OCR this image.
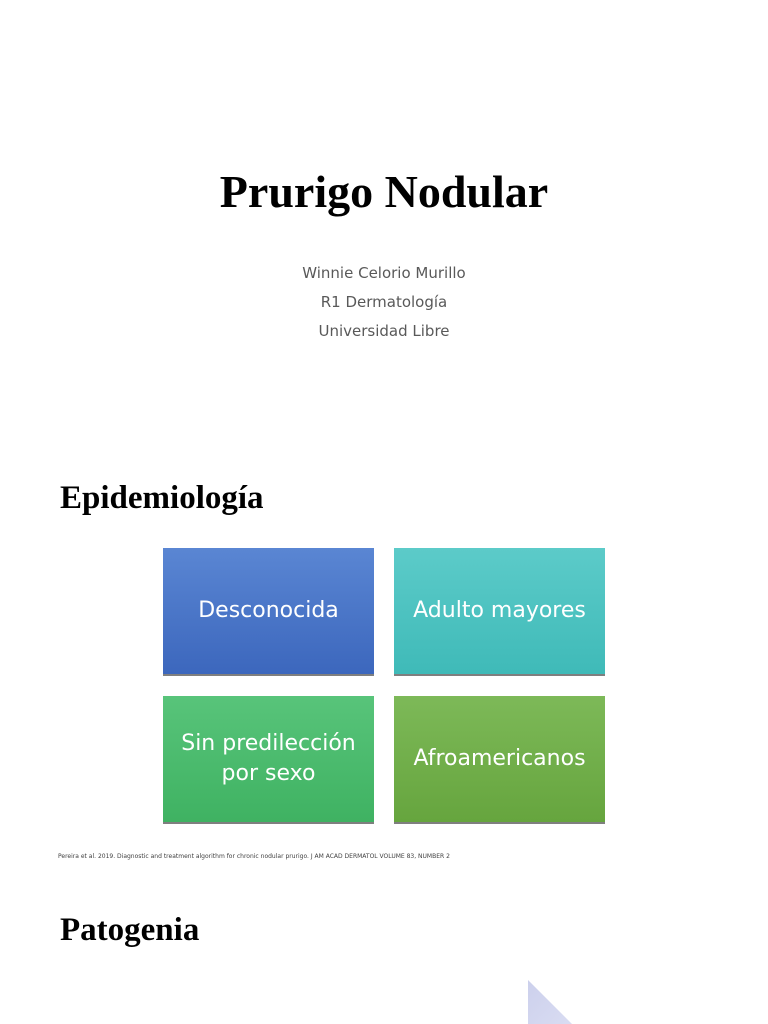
Prurigo Nodular
Winnie Celorio Murillo
R1 Dermatología
Universidad Libre
Epidemiología
Desconocida	Adulto mayores
Sin predilección por sexo
Afroamericanos
Pereira et al. 2019. Diagnostic and treatment algorithm for chronic nodular prurigo. J AM ACAD DERMATOL VOLUME 83, NUMBER 2
Patogenia
